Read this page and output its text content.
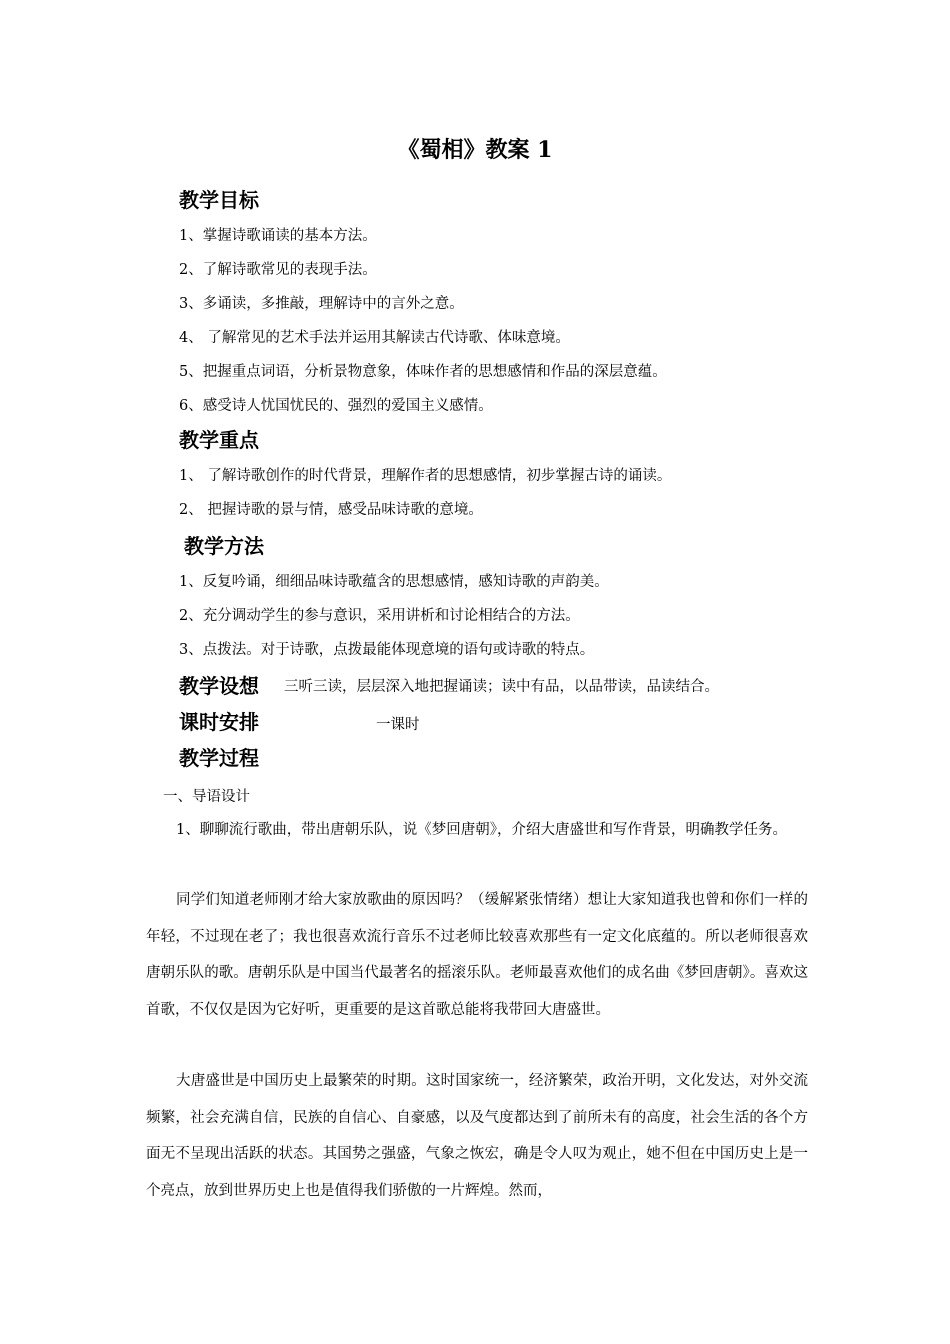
《蜀相》教案 1
教学目标
1、掌握诗歌诵读的基本方法。
2、了解诗歌常见的表现手法。
3、多诵读，多推敲，理解诗中的言外之意。
4、 了解常见的艺术手法并运用其解读古代诗歌、体味意境。
5、把握重点词语，分析景物意象，体味作者的思想感情和作品的深层意蕴。
6、感受诗人忧国忧民的、强烈的爱国主义感情。
教学重点
1、 了解诗歌创作的时代背景，理解作者的思想感情，初步掌握古诗的诵读。
2、 把握诗歌的景与情，感受品味诗歌的意境。
教学方法
1、反复吟诵，细细品味诗歌蕴含的思想感情，感知诗歌的声韵美。
2、充分调动学生的参与意识，采用讲析和讨论相结合的方法。
3、点拨法。对于诗歌，点拨最能体现意境的语句或诗歌的特点。
教学设想 三听三读，层层深入地把握诵读；读中有品，以品带读，品读结合。
课时安排	一课时
教学过程
一、导语设计

1、聊聊流行歌曲，带出唐朝乐队，说《梦回唐朝》，介绍大唐盛世和写作背景，明确教学任务。

同学们知道老师刚才给大家放歌曲的原因吗？（缓解紧张情绪）想让大家知道我也曾和你们一样的年轻，不过现在老了；我也很喜欢流行音乐不过老师比较喜欢那些有一定文化底蕴的。所以老师很喜欢唐朝乐队的歌。唐朝乐队是中国当代最著名的摇滚乐队。老师最喜欢他们的成名曲《梦回唐朝》。喜欢这首歌，不仅仅是因为它好听，更重要的是这首歌总能将我带回大唐盛世。

大唐盛世是中国历史上最繁荣的时期。这时国家统一，经济繁荣，政治开明，文化发达，对外交流频繁，社会充满自信，民族的自信心、自豪感，以及气度都达到了前所未有的高度，社会生活的各个方面无不呈现出活跃的状态。其国势之强盛，气象之恢宏，确是令人叹为观止，她不但在中国历史上是一个亮点，放到世界历史上也是值得我们骄傲的一片辉煌。然而，
